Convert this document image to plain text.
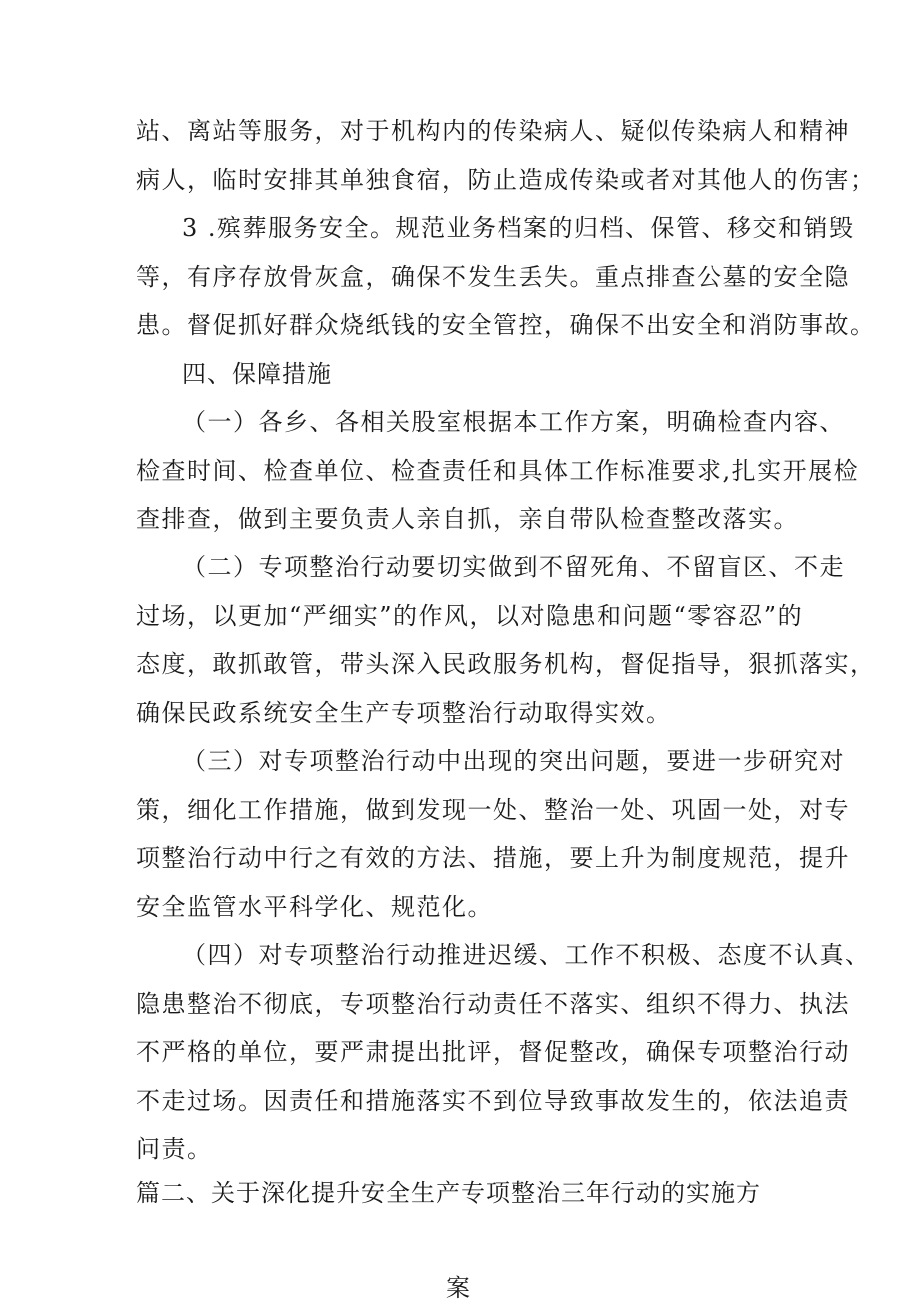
站、离站等服务，对于机构内的传染病人、疑似传染病人和精神
病人，临时安排其单独食宿，防止造成传染或者对其他人的伤害；
3 .殡葬服务安全。规范业务档案的归档、保管、移交和销毁
等，有序存放骨灰盒，确保不发生丢失。重点排查公墓的安全隐
患。督促抓好群众烧纸钱的安全管控，确保不出安全和消防事故。
四、保障措施
（一）各乡、各相关股室根据本工作方案，明确检查内容、
检查时间、检查单位、检查责任和具体工作标准要求,扎实开展检
查排查，做到主要负责人亲自抓，亲自带队检查整改落实。
（二）专项整治行动要切实做到不留死角、不留盲区、不走
过场，以更加“严细实”的作风，以对隐患和问题“零容忍”的
态度，敢抓敢管，带头深入民政服务机构，督促指导，狠抓落实，
确保民政系统安全生产专项整治行动取得实效。
（三）对专项整治行动中出现的突出问题，要进一步研究对
策，细化工作措施，做到发现一处、整治一处、巩固一处，对专
项整治行动中行之有效的方法、措施，要上升为制度规范，提升
安全监管水平科学化、规范化。
（四）对专项整治行动推进迟缓、工作不积极、态度不认真、
隐患整治不彻底，专项整治行动责任不落实、组织不得力、执法
不严格的单位，要严肃提出批评，督促整改，确保专项整治行动
不走过场。因责任和措施落实不到位导致事故发生的，依法追责
问责。
篇二、关于深化提升安全生产专项整治三年行动的实施方
案
